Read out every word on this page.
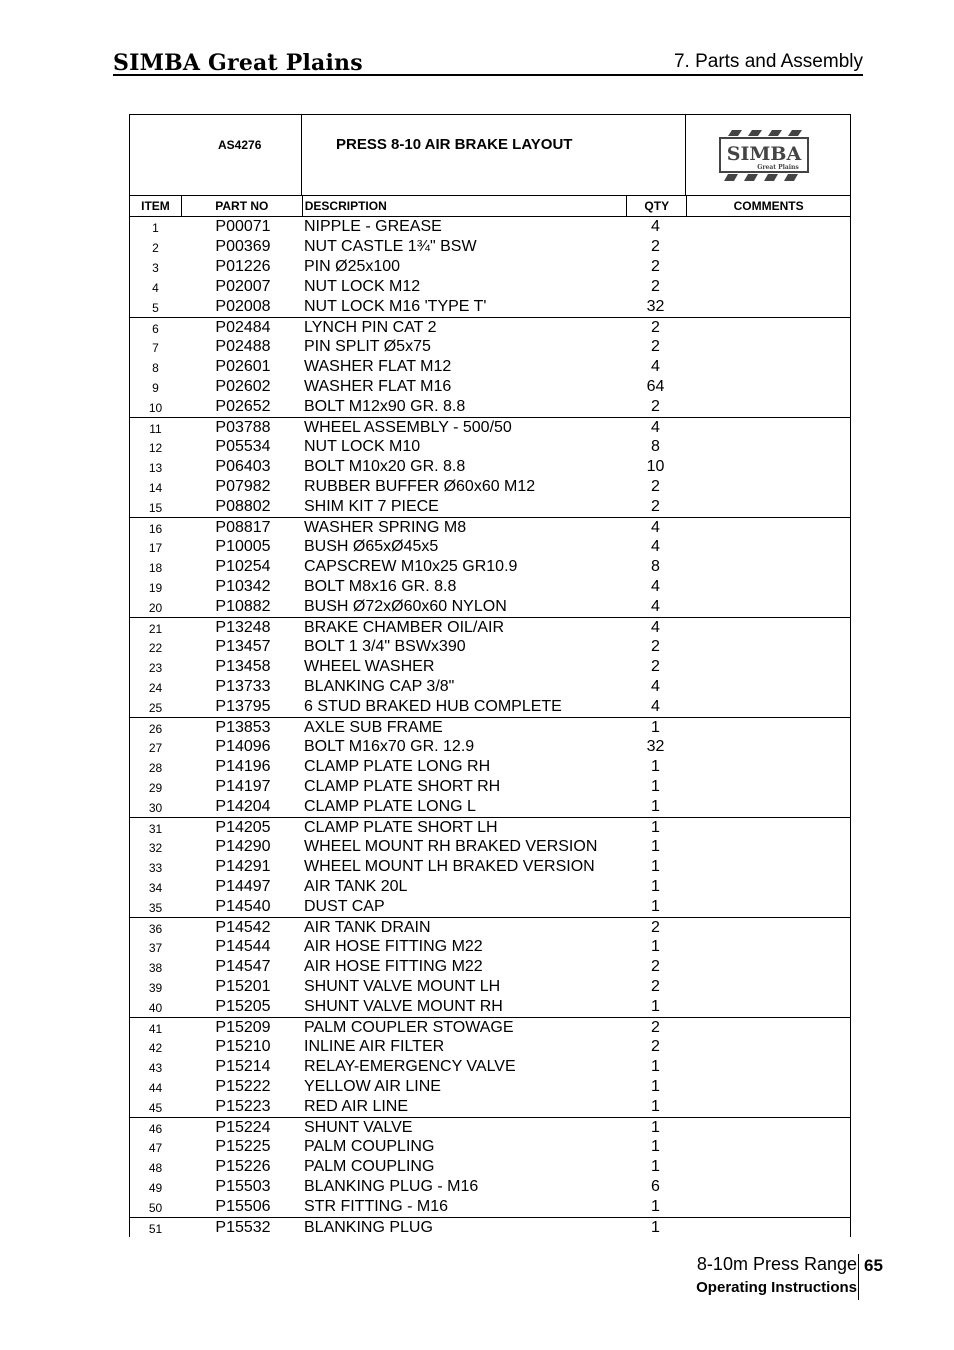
SIMBA Great Plains	7. Parts and Assembly
AS4276	PRESS 8-10 AIR BRAKE LAYOUT	SIMBA
Great Plains
ITEM	PART NO	DESCRIPTION	QTY	COMMENTS
1	P00071	NIPPLE - GREASE	4
2	P00369	NUT CASTLE 1¾" BSW	2
3	P01226	PIN Ø25x100	2
4	P02007	NUT LOCK M12	2
5	P02008	NUT LOCK M16 'TYPE T'	32
6	P02484	LYNCH PIN CAT 2	2
7	P02488	PIN SPLIT Ø5x75	2
8	P02601	WASHER FLAT M12	4
9	P02602	WASHER FLAT M16	64
10	P02652	BOLT M12x90 GR. 8.8	2
11	P03788	WHEEL ASSEMBLY - 500/50	4
12	P05534	NUT LOCK M10	8
13	P06403	BOLT M10x20 GR. 8.8	10
14	P07982	RUBBER BUFFER Ø60x60 M12	2
15	P08802	SHIM KIT 7 PIECE	2
16	P08817	WASHER SPRING M8	4
17	P10005	BUSH Ø65xØ45x5	4
18	P10254	CAPSCREW M10x25 GR10.9	8
19	P10342	BOLT M8x16 GR. 8.8	4
20	P10882	BUSH Ø72xØ60x60 NYLON	4
21	P13248	BRAKE CHAMBER OIL/AIR	4
22	P13457	BOLT 1 3/4" BSWx390	2
23	P13458	WHEEL WASHER	2
24	P13733	BLANKING CAP 3/8"	4
25	P13795	6 STUD BRAKED HUB COMPLETE	4
26	P13853	AXLE SUB FRAME	1
27	P14096	BOLT M16x70 GR. 12.9	32
28	P14196	CLAMP PLATE LONG RH	1
29	P14197	CLAMP PLATE SHORT RH	1
30	P14204	CLAMP PLATE LONG L	1
31	P14205	CLAMP PLATE SHORT LH	1
32	P14290	WHEEL MOUNT RH BRAKED VERSION	1
33	P14291	WHEEL MOUNT LH BRAKED VERSION	1
34	P14497	AIR TANK 20L	1
35	P14540	DUST CAP	1
36	P14542	AIR TANK DRAIN	2
37	P14544	AIR HOSE FITTING M22	1
38	P14547	AIR HOSE FITTING M22	2
39	P15201	SHUNT VALVE MOUNT LH	2
40	P15205	SHUNT VALVE MOUNT RH	1
41	P15209	PALM COUPLER STOWAGE	2
42	P15210	INLINE AIR FILTER	2
43	P15214	RELAY-EMERGENCY VALVE	1
44	P15222	YELLOW AIR LINE	1
45	P15223	RED AIR LINE	1
46	P15224	SHUNT VALVE	1
47	P15225	PALM COUPLING	1
48	P15226	PALM COUPLING	1
49	P15503	BLANKING PLUG - M16	6
50	P15506	STR FITTING - M16	1
51	P15532	BLANKING PLUG	1
8-10m Press Range
Operating Instructions
65
